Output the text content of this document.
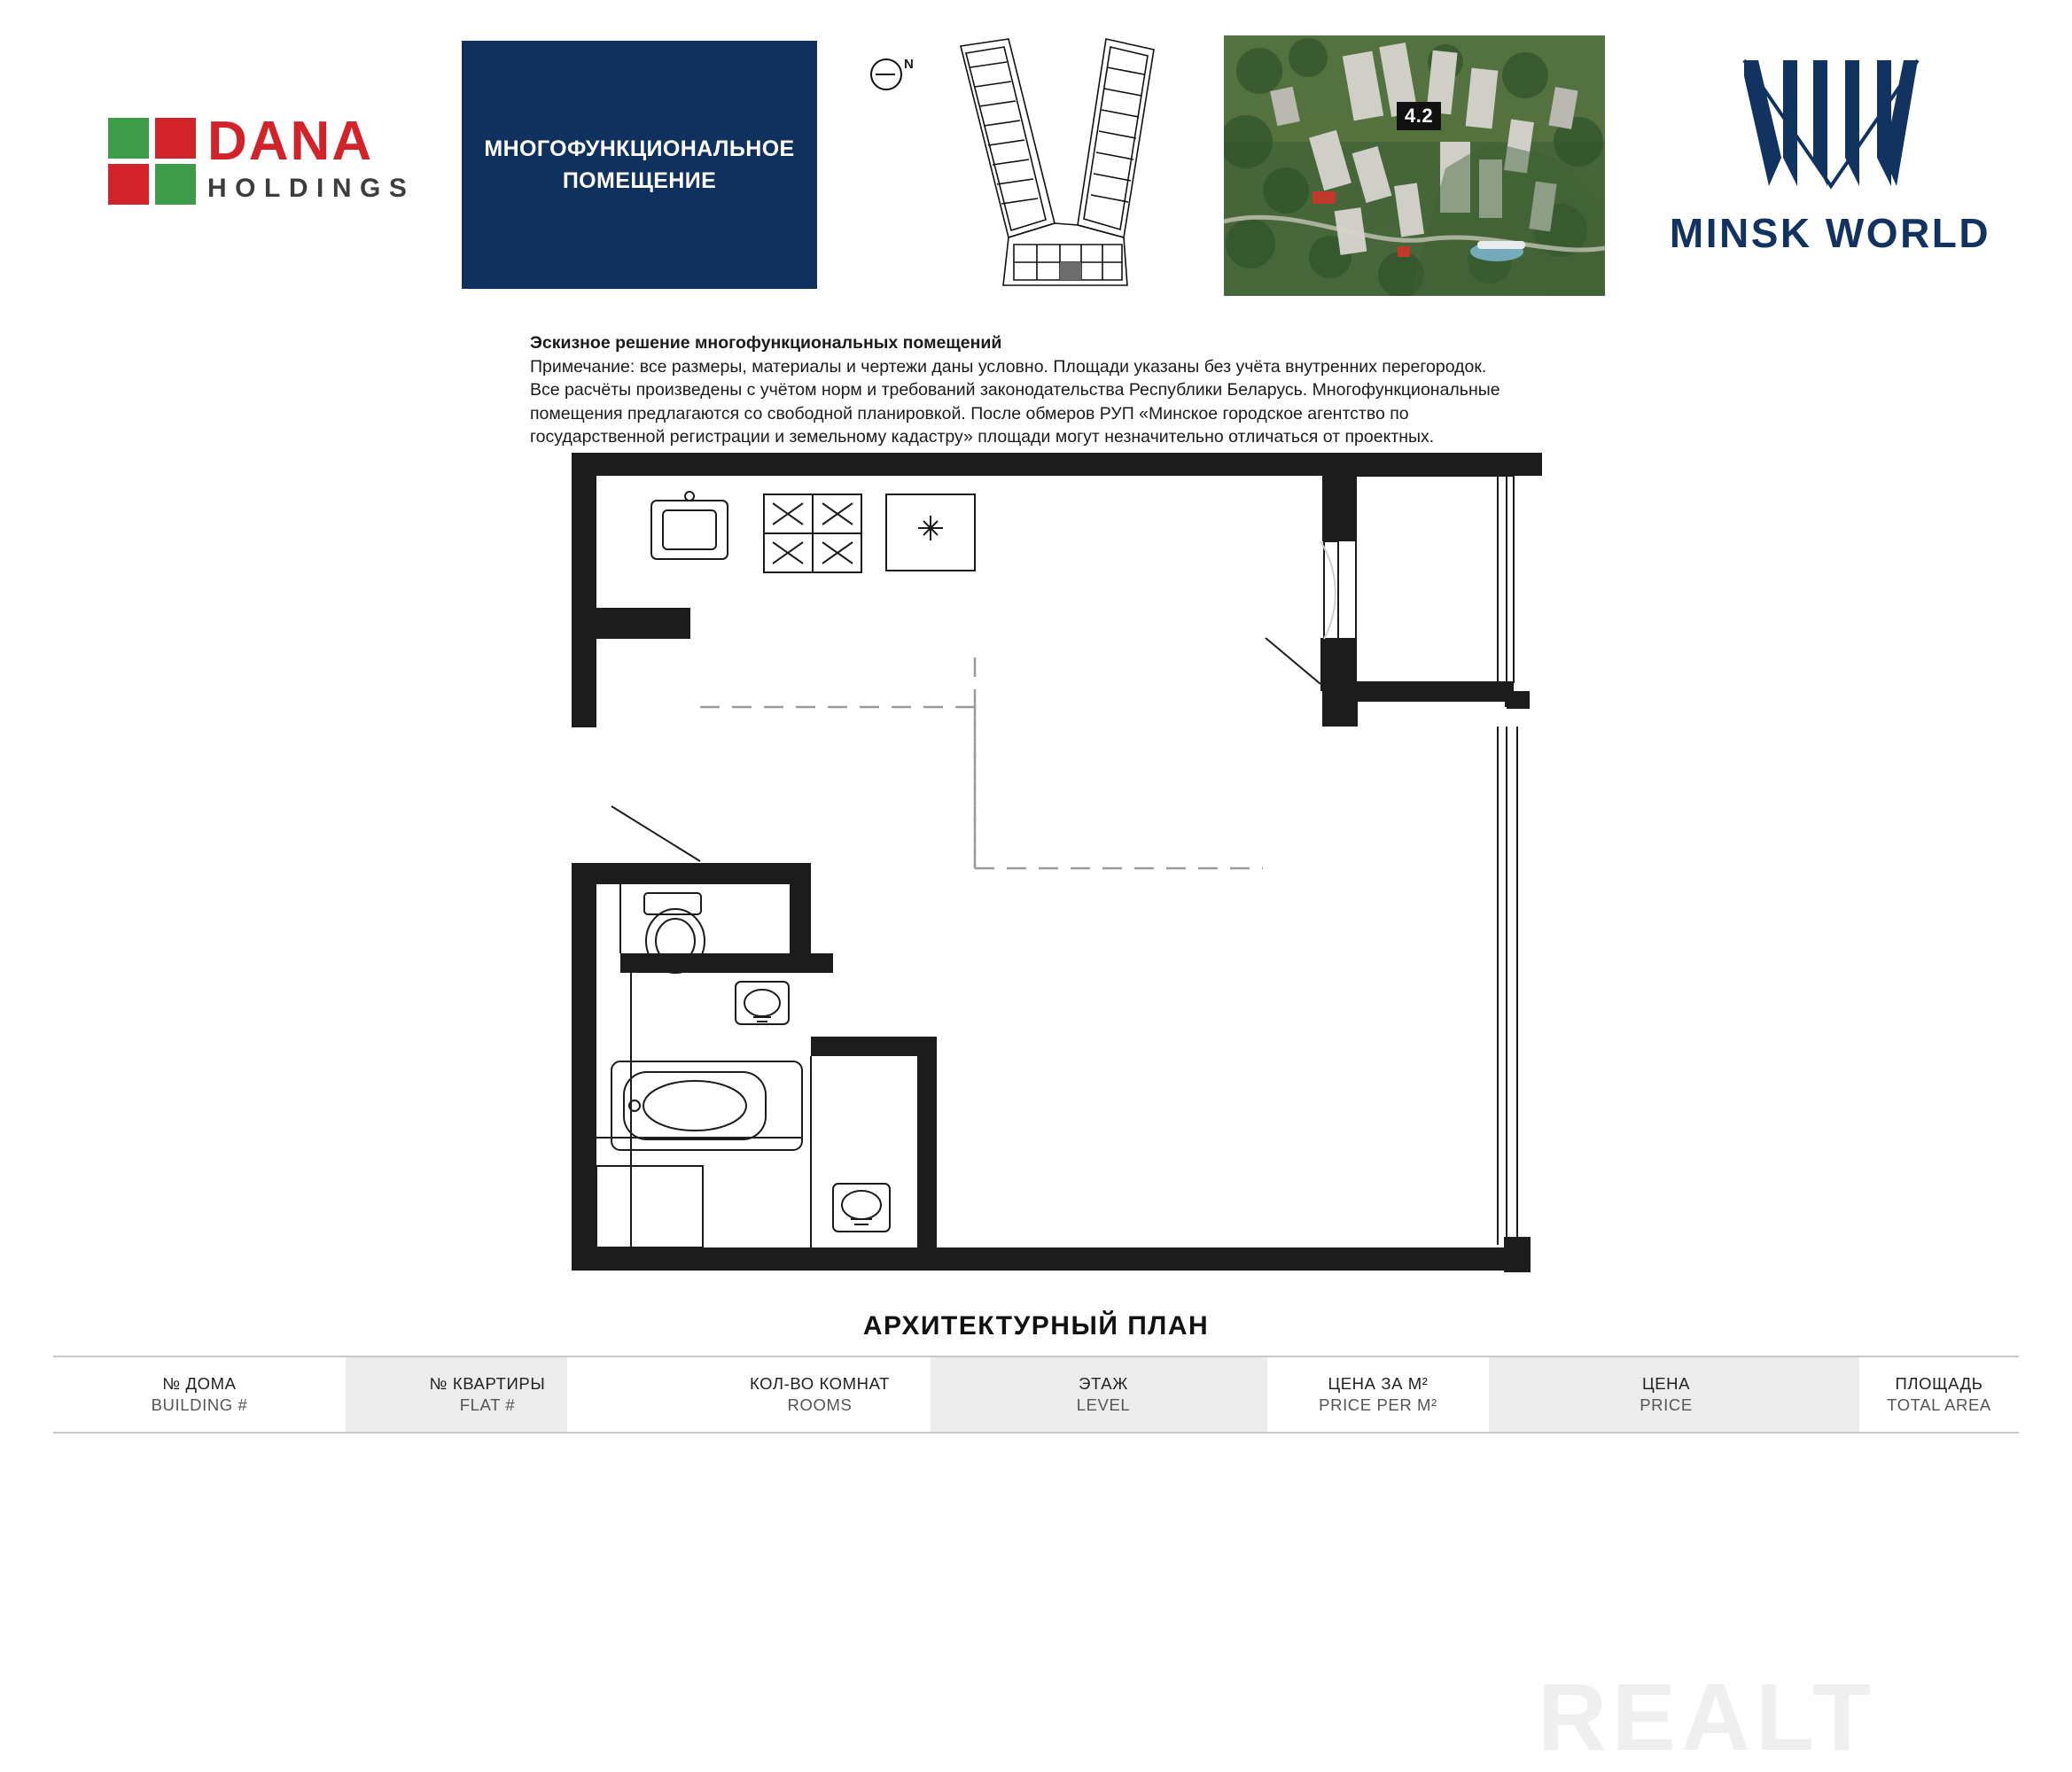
DANA
HOLDINGS
МНОГОФУНКЦИОНАЛЬНОЕ
ПОМЕЩЕНИЕ
N
4.2
MINSK WORLD
Эскизное решение многофункциональных помещений
Примечание: все размеры, материалы и чертежи даны условно. Площади указаны без учёта внутренних перегородок.
Все расчёты произведены с учётом норм и требований законодательства Республики Беларусь. Многофункциональные
помещения предлагаются со свободной планировкой. После обмеров РУП «Минское городское агентство по
государственной регистрации и земельному кадастру» площади могут незначительно отличаться от проектных.
REALT
АРХИТЕКТУРНЫЙ ПЛАН
№ ДОМА
BUILDING #
№ КВАРТИРЫ
FLAT #
КОЛ-ВО КОМНАТ
ROOMS
ЭТАЖ
LEVEL
ЦЕНА ЗА М²
PRICE PER M²
ЦЕНА
PRICE
ПЛОЩАДЬ
TOTAL AREA
